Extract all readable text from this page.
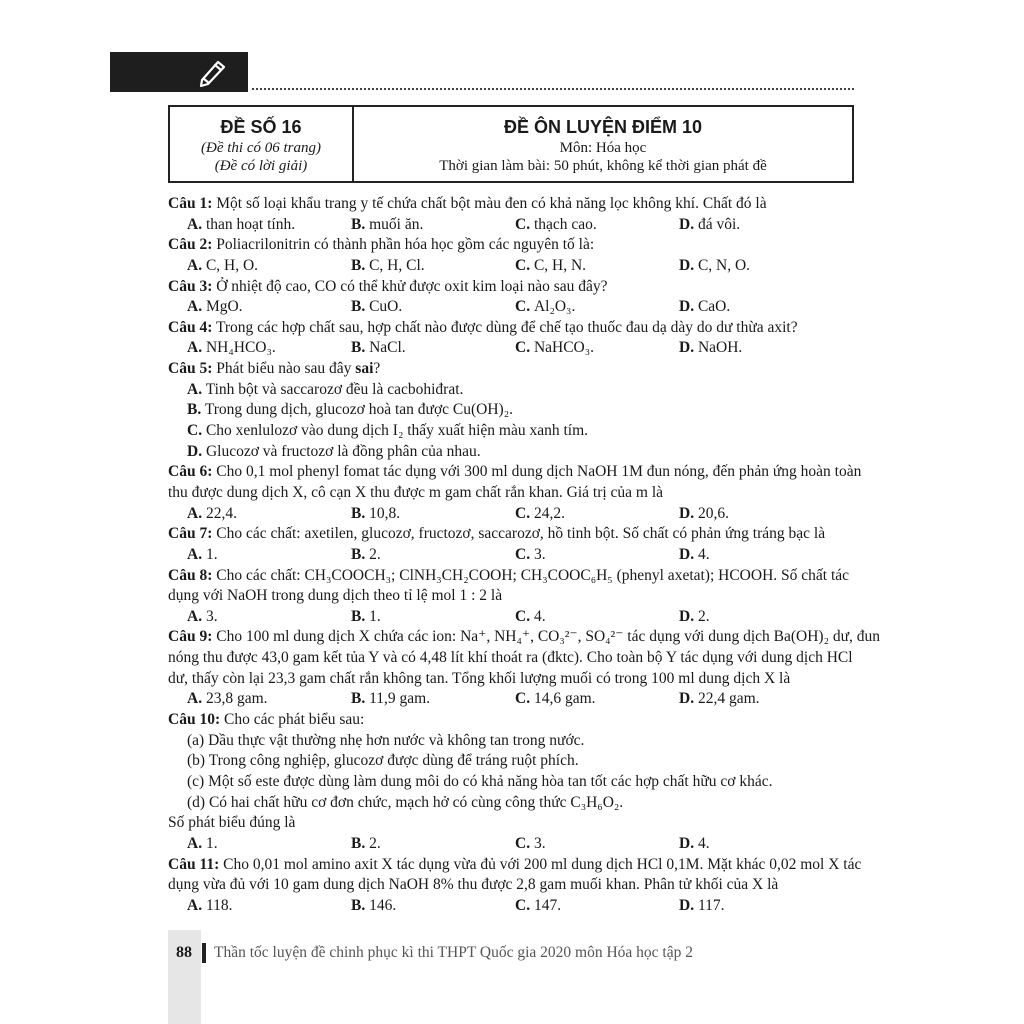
ĐỀ SỐ 16
(Đề thi có 06 trang)
(Đề có lời giải)
ĐỀ ÔN LUYỆN ĐIỂM 10
Môn: Hóa học
Thời gian làm bài: 50 phút, không kể thời gian phát đề
Câu 1: Một số loại khẩu trang y tế chứa chất bột màu đen có khả năng lọc không khí. Chất đó là
A. than hoạt tính.	B. muối ăn.	C. thạch cao.	D. đá vôi.
Câu 2: Poliacrilonitrin có thành phần hóa học gồm các nguyên tố là:
A. C, H, O.	B. C, H, Cl.	C. C, H, N.	D. C, N, O.
Câu 3: Ở nhiệt độ cao, CO có thể khử được oxit kim loại nào sau đây?
A. MgO.	B. CuO.	C. Al₂O₃.	D. CaO.
Câu 4: Trong các hợp chất sau, hợp chất nào được dùng để chế tạo thuốc đau dạ dày do dư thừa axit?
A. NH₄HCO₃.	B. NaCl.	C. NaHCO₃.	D. NaOH.
Câu 5: Phát biểu nào sau đây sai?
A. Tinh bột và saccarozơ đều là cacbohiđrat.
B. Trong dung dịch, glucozơ hoà tan được Cu(OH)₂.
C. Cho xenlulozơ vào dung dịch I₂ thấy xuất hiện màu xanh tím.
D. Glucozơ và fructozơ là đồng phân của nhau.
Câu 6: Cho 0,1 mol phenyl fomat tác dụng với 300 ml dung dịch NaOH 1M đun nóng, đến phản ứng hoàn toàn
thu được dung dịch X, cô cạn X thu được m gam chất rắn khan. Giá trị của m là
A. 22,4.	B. 10,8.	C. 24,2.	D. 20,6.
Câu 7: Cho các chất: axetilen, glucozơ, fructozơ, saccarozơ, hồ tinh bột. Số chất có phản ứng tráng bạc là
A. 1.	B. 2.	C. 3.	D. 4.
Câu 8: Cho các chất: CH₃COOCH₃; ClNH₃CH₂COOH; CH₃COOC₆H₅ (phenyl axetat); HCOOH. Số chất tác
dụng với NaOH trong dung dịch theo tỉ lệ mol 1 : 2 là
A. 3.	B. 1.	C. 4.	D. 2.
Câu 9: Cho 100 ml dung dịch X chứa các ion: Na⁺, NH₄⁺, CO₃²⁻, SO₄²⁻ tác dụng với dung dịch Ba(OH)₂ dư, đun
nóng thu được 43,0 gam kết tủa Y và có 4,48 lít khí thoát ra (đktc). Cho toàn bộ Y tác dụng với dung dịch HCl
dư, thấy còn lại 23,3 gam chất rắn không tan. Tổng khối lượng muối có trong 100 ml dung dịch X là
A. 23,8 gam.	B. 11,9 gam.	C. 14,6 gam.	D. 22,4 gam.
Câu 10: Cho các phát biểu sau:
(a) Dầu thực vật thường nhẹ hơn nước và không tan trong nước.
(b) Trong công nghiệp, glucozơ được dùng để tráng ruột phích.
(c) Một số este được dùng làm dung môi do có khả năng hòa tan tốt các hợp chất hữu cơ khác.
(d) Có hai chất hữu cơ đơn chức, mạch hở có cùng công thức C₃H₆O₂.
Số phát biểu đúng là
A. 1.	B. 2.	C. 3.	D. 4.
Câu 11: Cho 0,01 mol amino axit X tác dụng vừa đủ với 200 ml dung dịch HCl 0,1M. Mặt khác 0,02 mol X tác
dụng vừa đủ với 10 gam dung dịch NaOH 8% thu được 2,8 gam muối khan. Phân tử khối của X là
A. 118.	B. 146.	C. 147.	D. 117.
88 Thần tốc luyện đề chinh phục kì thi THPT Quốc gia 2020 môn Hóa học tập 2
